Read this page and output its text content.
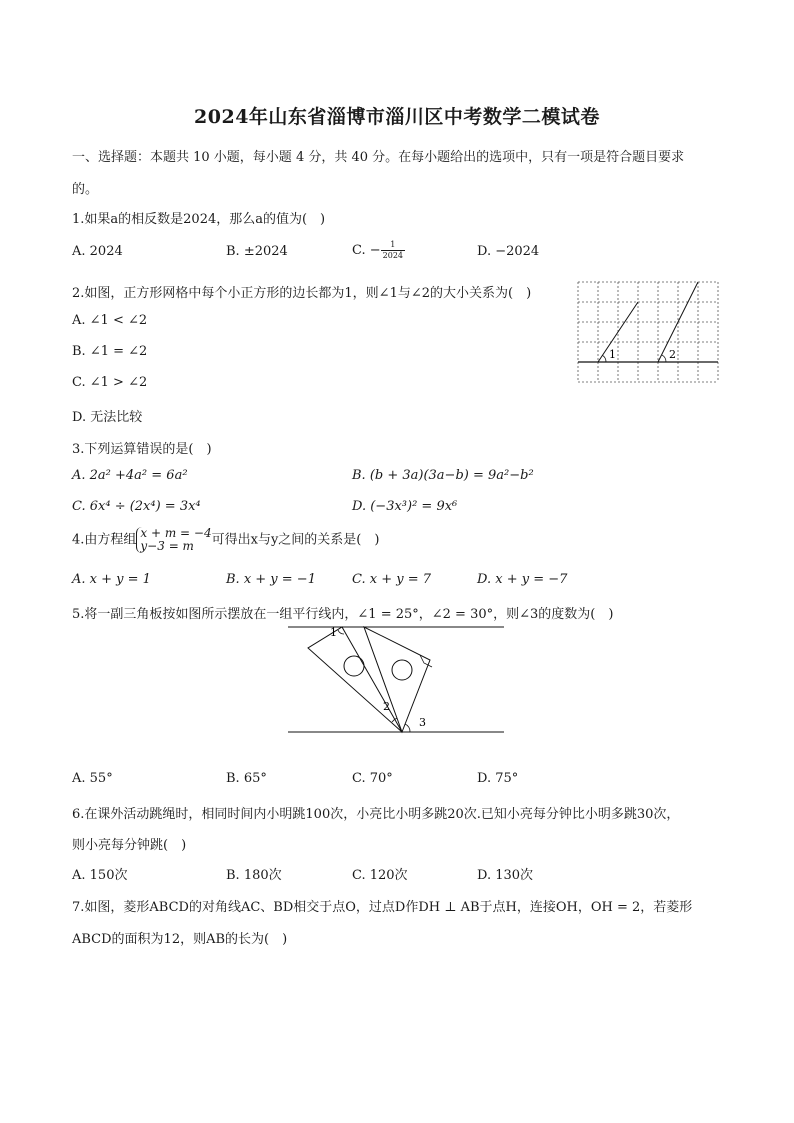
2024年山东省淄博市淄川区中考数学二模试卷
一、选择题：本题共 10 小题，每小题 4 分，共 40 分。在每小题给出的选项中，只有一项是符合题目要求
的。
1.如果a的相反数是2024，那么a的值为(　)
A. 2024	B. ±2024	C. − $\frac{1}{2024}$	D. −2024
2.如图，正方形网格中每个小正方形的边长都为1，则∠1与∠2的大小关系为(　)
A. ∠1 < ∠2
B. ∠1 = ∠2
C. ∠1 > ∠2
D. 无法比较
1	2
3.下列运算错误的是(　)
A. 2a² +4a² = 6a²	B. (b + 3a)(3a−b) = 9a²−b²
C. 6x⁴ ÷ (2x⁴) = 3x⁴	D. (−3x³)² = 9x⁶
4.由方程组 x + m = −4
y−3 = m	可得出x与y之间的关系是(　)
A. x + y = 1	B. x + y = −1	C. x + y = 7	D. x + y = −7
5.将一副三角板按如图所示摆放在一组平行线内，∠1 = 25°，∠2 = 30°，则∠3的度数为(　)
1
2
3
A. 55°	B. 65°	C. 70°	D. 75°
6.在课外活动跳绳时，相同时间内小明跳100次，小亮比小明多跳20次.已知小亮每分钟比小明多跳30次，
则小亮每分钟跳(　)
A. 150次	B. 180次	C. 120次	D. 130次
7.如图，菱形ABCD的对角线AC、BD相交于点O，过点D作DH ⊥ AB于点H，连接OH，OH = 2，若菱形
ABCD的面积为12，则AB的长为(　)
